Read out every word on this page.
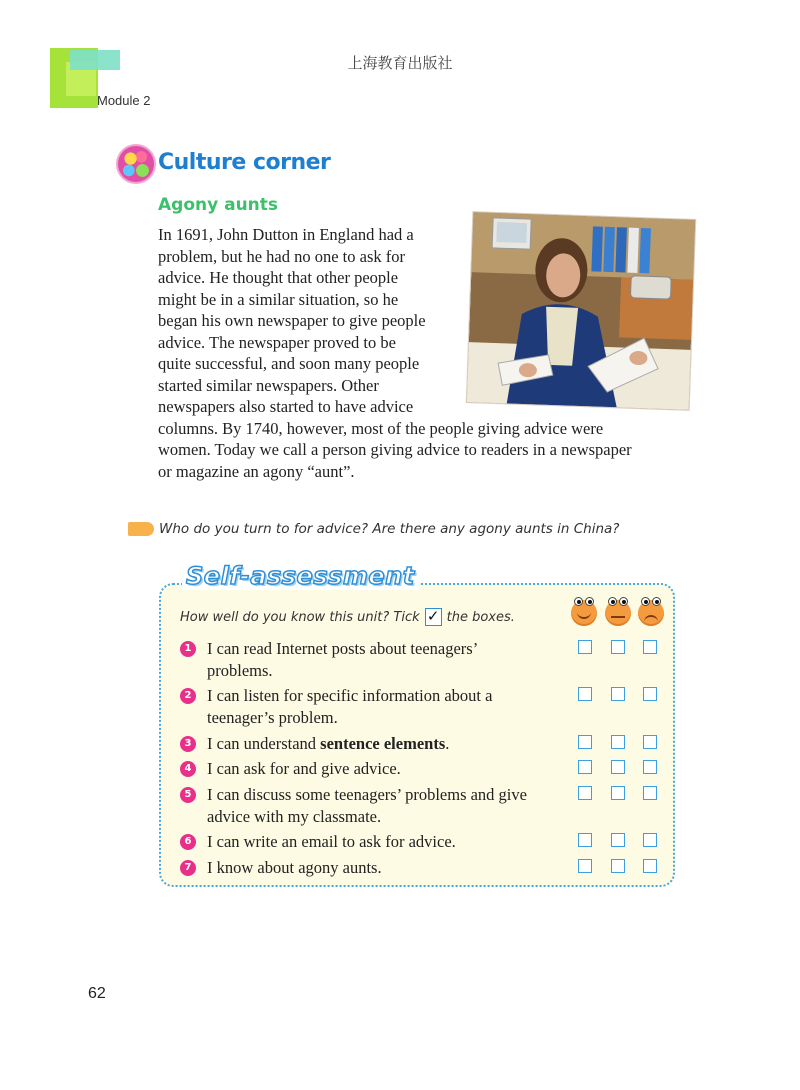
Module 2
上海教育出版社
Culture corner
Agony aunts
In 1691, John Dutton in England had a
problem, but he had no one to ask for
advice. He thought that other people
might be in a similar situation, so he
began his own newspaper to give people
advice. The newspaper proved to be
quite successful, and soon many people
started similar newspapers. Other
newspapers also started to have advice
columns. By 1740, however, most of the people giving advice were
women. Today we call a person giving advice to readers in a newspaper
or magazine an agony “aunt”.
Who do you turn to for advice? Are there any agony aunts in China?
Self-assessment
How well do you know this unit? Tick ✓ the boxes.
1 I can read Internet posts about teenagers’
problems.
2 I can listen for specific information about a
teenager’s problem.
3 I can understand sentence elements.
4 I can ask for and give advice.
5 I can discuss some teenagers’ problems and give
advice with my classmate.
6 I can write an email to ask for advice.
7 I know about agony aunts.
62
